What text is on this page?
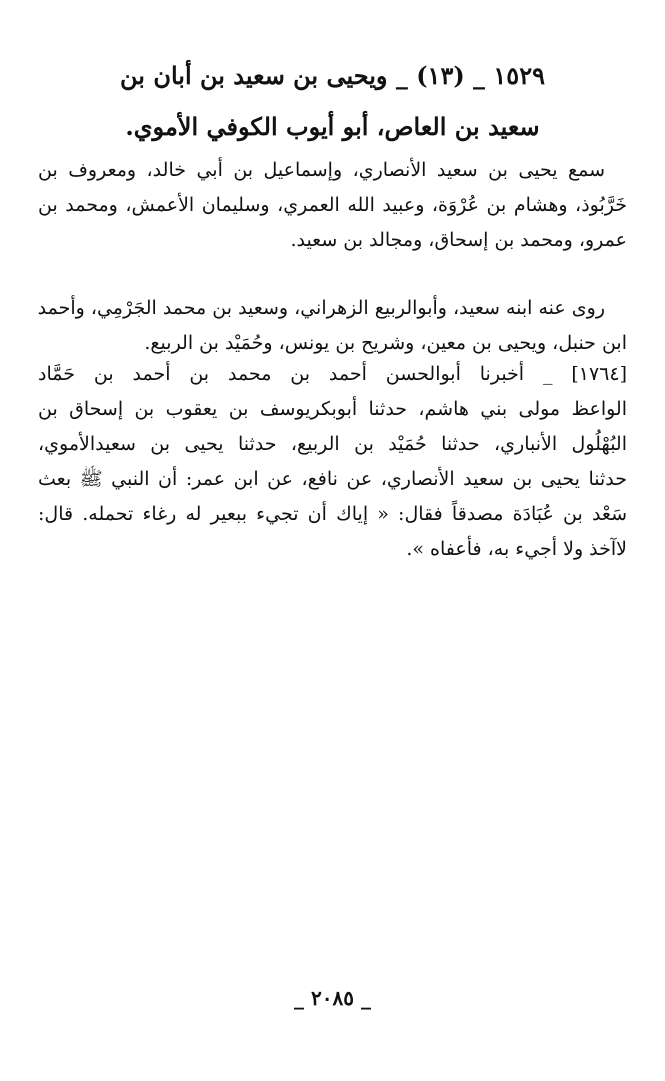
١٥٢٩ _ (١٣) _ ويحيى بن سعيد بن أبان بن
سعيد بن العاص، أبو أيوب الكوفي الأموي.
سمع يحيى بن سعيد الأنصاري، وإسماعيل بن أبي خالد، ومعروف بن
خَرَّبُوذ، وهشام بن عُرْوَة، وعبيد الله العمري، وسليمان الأعمش، ومحمد بن
عمرو، ومحمد بن إسحاق، ومجالد بن سعيد.
روى عنه ابنه سعيد، وأبوالربيع الزهراني، وسعيد بن محمد الجَرْمِي، وأحمد
ابن حنبل، ويحيى بن معين، وشريح بن يونس، وحُمَيْد بن الربيع.
[١٧٦٤] _ أخبرنا أبوالحسن أحمد بن محمد بن أحمد بن حَمَّاد
الواعظ مولى بني هاشم، حدثنا أبوبكريوسف بن يعقوب بن إسحاق بن
البُهْلُول الأنباري، حدثنا حُمَيْد بن الربيع، حدثنا يحيى بن سعيدالأموي،
حدثنا يحيى بن سعيد الأنصاري، عن نافع، عن ابن عمر: أن النبي ﷺ بعث
سَعْد بن عُبَادَة مصدقاً فقال: « إياك أن تجيء ببعير له رغاء تحمله. قال:
لاآخذ ولا أجيء به، فأعفاه ».
_ ٢٠٨٥ _
